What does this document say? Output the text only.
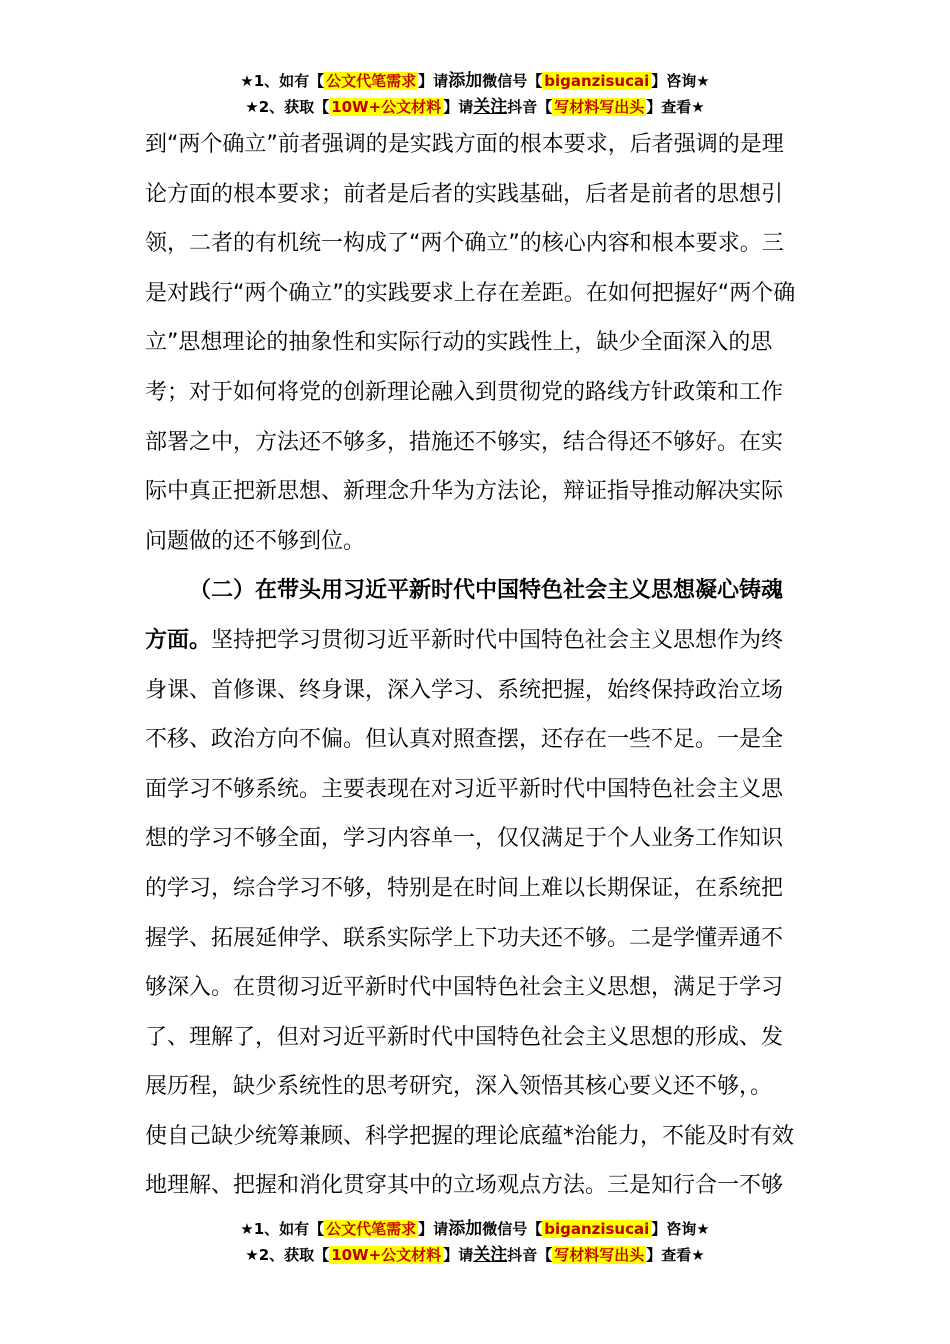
★1、如有【 公文代笔需求 】请添加微信号【 biganzisucai 】咨询★
★2、获取【 10W+公文材料 】请关注抖音【 写材料写出头 】查看★
到“两个确立”前者强调的是实践方面的根本要求，后者强调的是理
论方面的根本要求；前者是后者的实践基础，后者是前者的思想引
领，二者的有机统一构成了“两个确立”的核心内容和根本要求。三
是对践行“两个确立”的实践要求上存在差距。在如何把握好“两个确
立”思想理论的抽象性和实际行动的实践性上，缺少全面深入的思
考；对于如何将党的创新理论融入到贯彻党的路线方针政策和工作
部署之中，方法还不够多，措施还不够实，结合得还不够好。在实
际中真正把新思想、新理念升华为方法论，辩证指导推动解决实际
问题做的还不够到位。
（二）在带头用习近平新时代中国特色社会主义思想凝心铸魂
方面。坚持把学习贯彻习近平新时代中国特色社会主义思想作为终
身课、首修课、终身课，深入学习、系统把握，始终保持政治立场
不移、政治方向不偏。但认真对照查摆，还存在一些不足。一是全
面学习不够系统。主要表现在对习近平新时代中国特色社会主义思
想的学习不够全面，学习内容单一，仅仅满足于个人业务工作知识
的学习，综合学习不够，特别是在时间上难以长期保证，在系统把
握学、拓展延伸学、联系实际学上下功夫还不够。二是学懂弄通不
够深入。在贯彻习近平新时代中国特色社会主义思想，满足于学习
了、理解了，但对习近平新时代中国特色社会主义思想的形成、发
展历程，缺少系统性的思考研究，深入领悟其核心要义还不够，。
使自己缺少统筹兼顾、科学把握的理论底蕴*治能力，不能及时有效
地理解、把握和消化贯穿其中的立场观点方法。三是知行合一不够
★1、如有【 公文代笔需求 】请添加微信号【 biganzisucai 】咨询★
★2、获取【 10W+公文材料 】请关注抖音【 写材料写出头 】查看★
